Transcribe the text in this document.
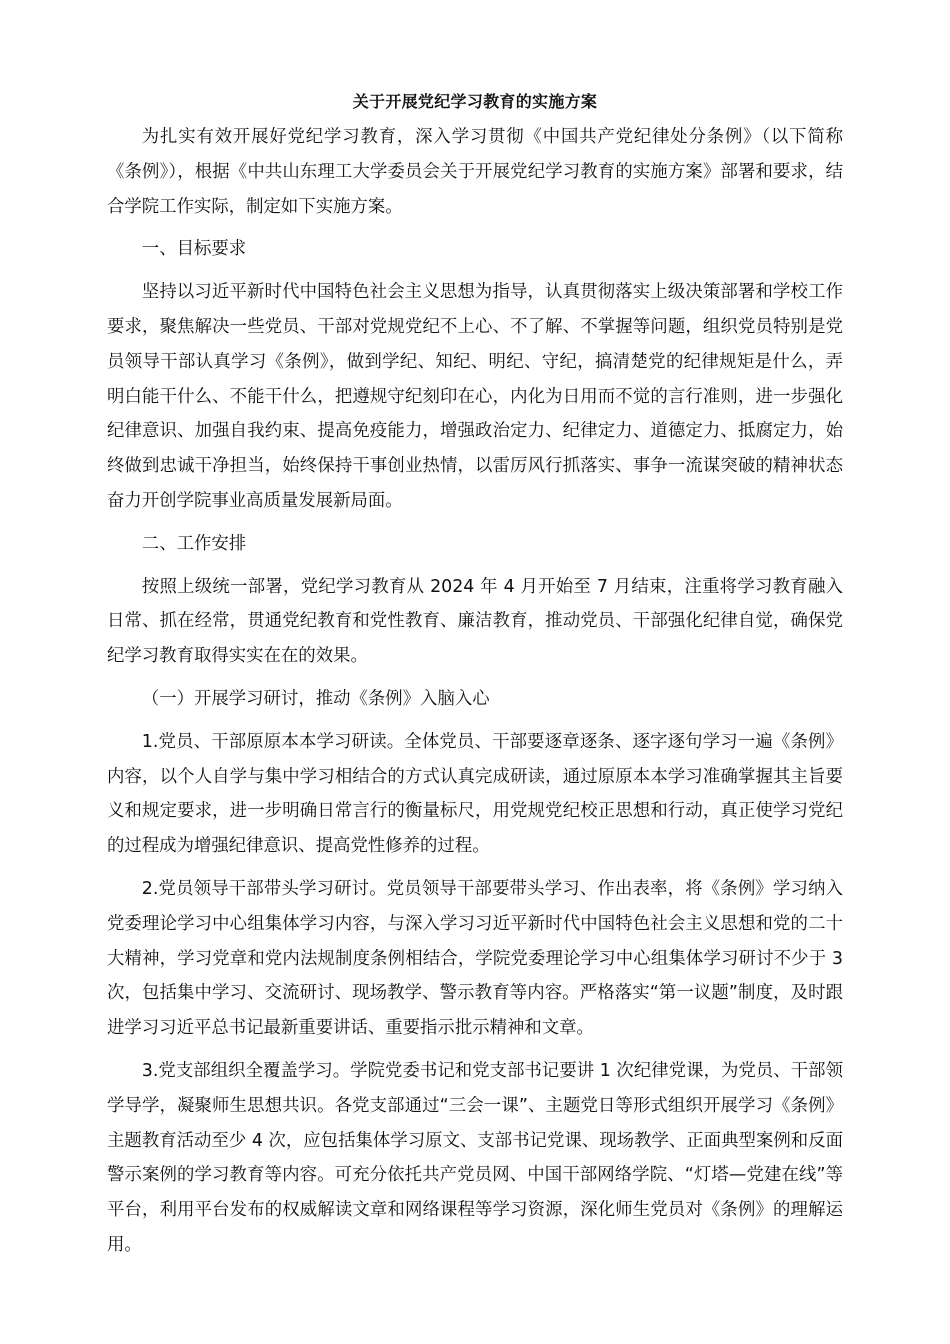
关于开展党纪学习教育的实施方案

为扎实有效开展好党纪学习教育，深入学习贯彻《中国共产党纪律处分条例》（以下简称《条例》），根据《中共山东理工大学委员会关于开展党纪学习教育的实施方案》部署和要求，结合学院工作实际，制定如下实施方案。

一、目标要求

坚持以习近平新时代中国特色社会主义思想为指导，认真贯彻落实上级决策部署和学校工作要求，聚焦解决一些党员、干部对党规党纪不上心、不了解、不掌握等问题，组织党员特别是党员领导干部认真学习《条例》，做到学纪、知纪、明纪、守纪，搞清楚党的纪律规矩是什么，弄明白能干什么、不能干什么，把遵规守纪刻印在心，内化为日用而不觉的言行准则，进一步强化纪律意识、加强自我约束、提高免疫能力，增强政治定力、纪律定力、道德定力、抵腐定力，始终做到忠诚干净担当，始终保持干事创业热情，以雷厉风行抓落实、事争一流谋突破的精神状态奋力开创学院事业高质量发展新局面。

二、工作安排

按照上级统一部署，党纪学习教育从 2024 年 4 月开始至 7 月结束，注重将学习教育融入日常、抓在经常，贯通党纪教育和党性教育、廉洁教育，推动党员、干部强化纪律自觉，确保党纪学习教育取得实实在在的效果。

（一）开展学习研讨，推动《条例》入脑入心

1.党员、干部原原本本学习研读。全体党员、干部要逐章逐条、逐字逐句学习一遍《条例》内容，以个人自学与集中学习相结合的方式认真完成研读，通过原原本本学习准确掌握其主旨要义和规定要求，进一步明确日常言行的衡量标尺，用党规党纪校正思想和行动，真正使学习党纪的过程成为增强纪律意识、提高党性修养的过程。

2.党员领导干部带头学习研讨。党员领导干部要带头学习、作出表率，将《条例》学习纳入党委理论学习中心组集体学习内容，与深入学习习近平新时代中国特色社会主义思想和党的二十大精神，学习党章和党内法规制度条例相结合，学院党委理论学习中心组集体学习研讨不少于 3 次，包括集中学习、交流研讨、现场教学、警示教育等内容。严格落实“第一议题”制度，及时跟进学习习近平总书记最新重要讲话、重要指示批示精神和文章。

3.党支部组织全覆盖学习。学院党委书记和党支部书记要讲 1 次纪律党课，为党员、干部领学导学，凝聚师生思想共识。各党支部通过“三会一课”、主题党日等形式组织开展学习《条例》主题教育活动至少 4 次，应包括集体学习原文、支部书记党课、现场教学、正面典型案例和反面警示案例的学习教育等内容。可充分依托共产党员网、中国干部网络学院、“灯塔—党建在线”等平台，利用平台发布的权威解读文章和网络课程等学习资源，深化师生党员对《条例》的理解运用。
